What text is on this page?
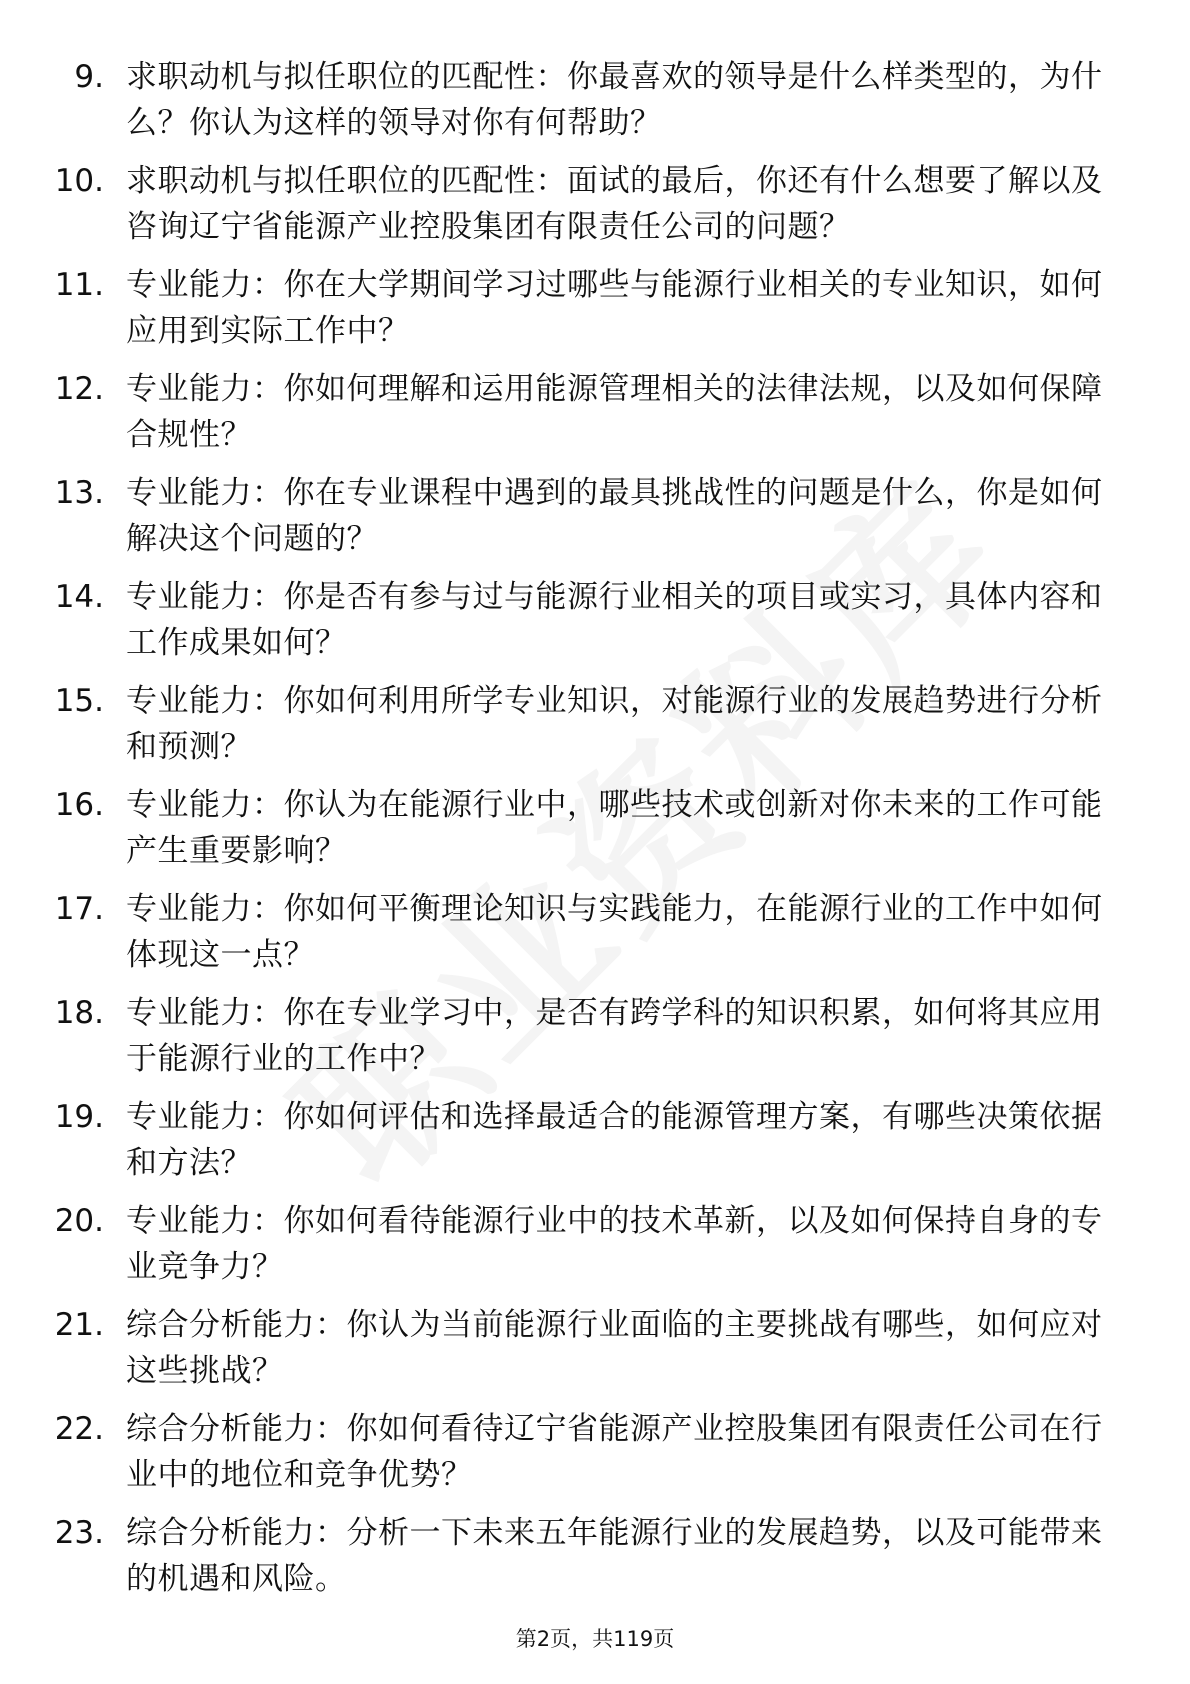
9. 求职动机与拟任职位的匹配性：你最喜欢的领导是什么样类型的，为什么？你认为这样的领导对你有何帮助？
10. 求职动机与拟任职位的匹配性：面试的最后，你还有什么想要了解以及咨询辽宁省能源产业控股集团有限责任公司的问题？
11. 专业能力：你在大学期间学习过哪些与能源行业相关的专业知识，如何应用到实际工作中？
12. 专业能力：你如何理解和运用能源管理相关的法律法规，以及如何保障合规性？
13. 专业能力：你在专业课程中遇到的最具挑战性的问题是什么，你是如何解决这个问题的？
14. 专业能力：你是否有参与过与能源行业相关的项目或实习，具体内容和工作成果如何？
15. 专业能力：你如何利用所学专业知识，对能源行业的发展趋势进行分析和预测？
16. 专业能力：你认为在能源行业中，哪些技术或创新对你未来的工作可能产生重要影响？
17. 专业能力：你如何平衡理论知识与实践能力，在能源行业的工作中如何体现这一点？
18. 专业能力：你在专业学习中，是否有跨学科的知识积累，如何将其应用于能源行业的工作中？
19. 专业能力：你如何评估和选择最适合的能源管理方案，有哪些决策依据和方法？
20. 专业能力：你如何看待能源行业中的技术革新，以及如何保持自身的专业竞争力？
21. 综合分析能力：你认为当前能源行业面临的主要挑战有哪些，如何应对这些挑战？
22. 综合分析能力：你如何看待辽宁省能源产业控股集团有限责任公司在行业中的地位和竞争优势？
23. 综合分析能力：分析一下未来五年能源行业的发展趋势，以及可能带来的机遇和风险。
第2页，共119页
